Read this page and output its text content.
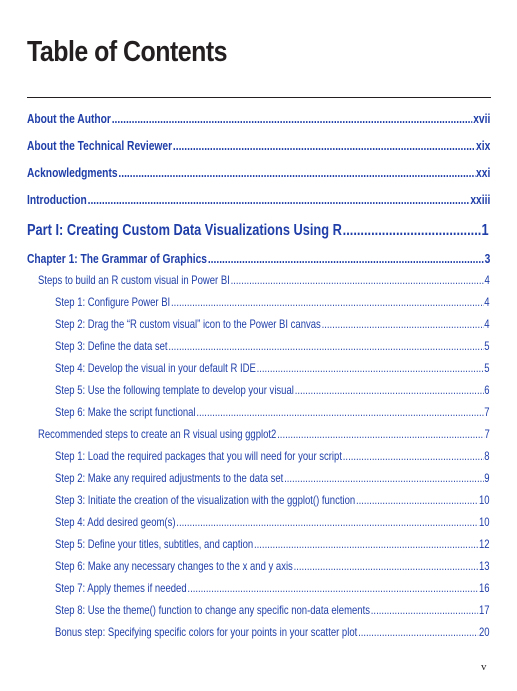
Table of Contents
About the Author .....	xvii
About the Technical Reviewer .....	xix
Acknowledgments .....	xxi
Introduction .....	xxiii
Part I: Creating Custom Data Visualizations Using R .....	1
Chapter 1: The Grammar of Graphics .....	3
Steps to build an R custom visual in Power BI .....	4
Step 1: Configure Power BI .....	4
Step 2: Drag the “R custom visual” icon to the Power BI canvas .....	4
Step 3: Define the data set .....	5
Step 4: Develop the visual in your default R IDE .....	5
Step 5: Use the following template to develop your visual .....	6
Step 6: Make the script functional .....	7
Recommended steps to create an R visual using ggplot2 .....	7
Step 1: Load the required packages that you will need for your script .....	8
Step 2: Make any required adjustments to the data set .....	9
Step 3: Initiate the creation of the visualization with the ggplot() function .....	10
Step 4: Add desired geom(s) .....	10
Step 5: Define your titles, subtitles, and caption .....	12
Step 6: Make any necessary changes to the x and y axis .....	13
Step 7: Apply themes if needed .....	16
Step 8: Use the theme() function to change any specific non-data elements .....	17
Bonus step: Specifying specific colors for your points in your scatter plot .....	20
v
